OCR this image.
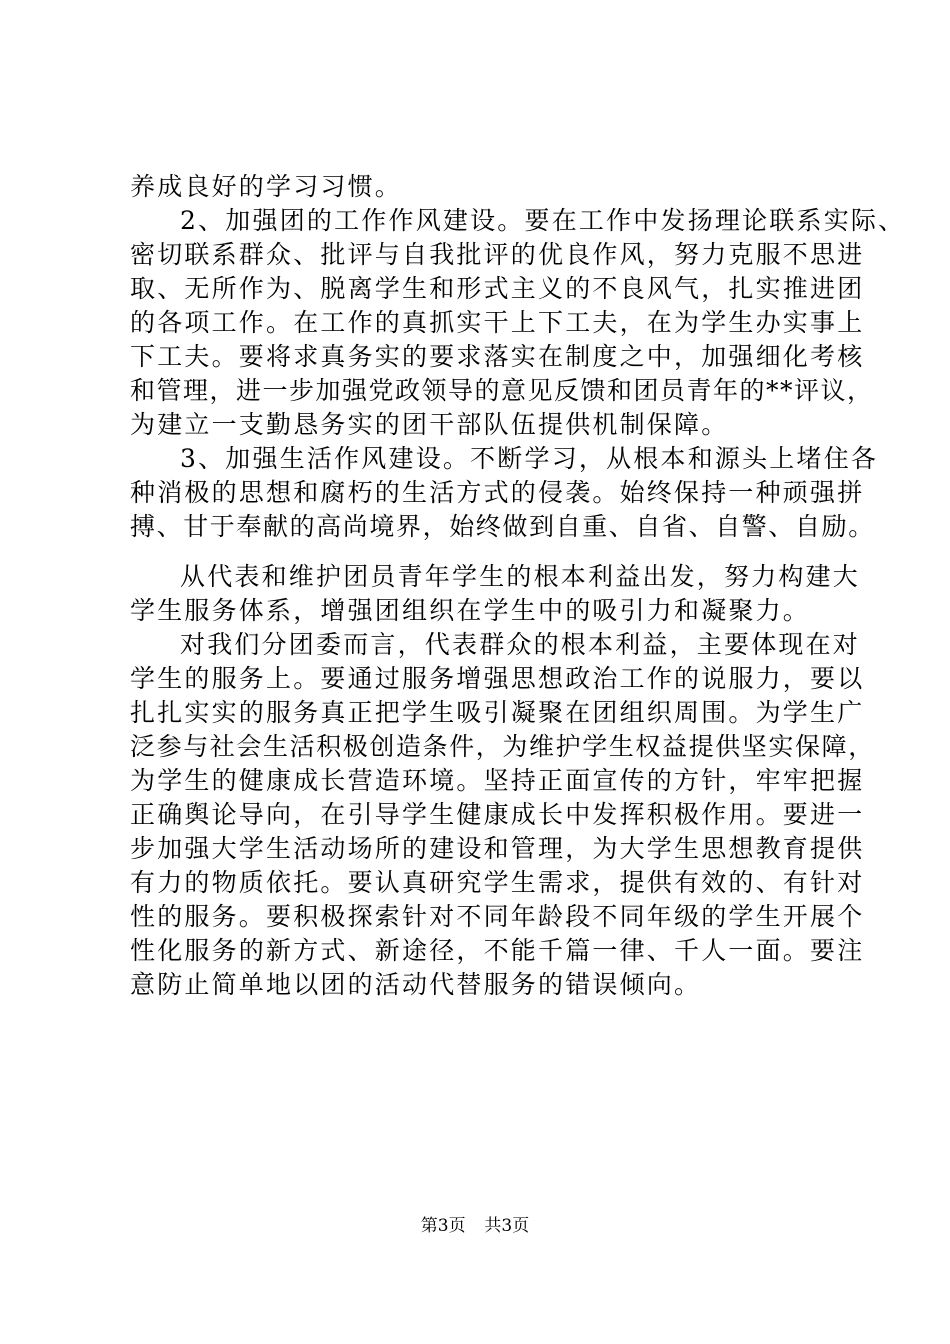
养成良好的学习习惯。
2、加强团的工作作风建设。要在工作中发扬理论联系实际、
密切联系群众、批评与自我批评的优良作风，努力克服不思进
取、无所作为、脱离学生和形式主义的不良风气，扎实推进团
的各项工作。在工作的真抓实干上下工夫，在为学生办实事上
下工夫。要将求真务实的要求落实在制度之中，加强细化考核
和管理，进一步加强党政领导的意见反馈和团员青年的**评议，
为建立一支勤恳务实的团干部队伍提供机制保障。
3、加强生活作风建设。不断学习，从根本和源头上堵住各
种消极的思想和腐朽的生活方式的侵袭。始终保持一种顽强拼
搏、甘于奉献的高尚境界，始终做到自重、自省、自警、自励。
从代表和维护团员青年学生的根本利益出发，努力构建大
学生服务体系，增强团组织在学生中的吸引力和凝聚力。
对我们分团委而言，代表群众的根本利益，主要体现在对
学生的服务上。要通过服务增强思想政治工作的说服力，要以
扎扎实实的服务真正把学生吸引凝聚在团组织周围。为学生广
泛参与社会生活积极创造条件，为维护学生权益提供坚实保障，
为学生的健康成长营造环境。坚持正面宣传的方针，牢牢把握
正确舆论导向，在引导学生健康成长中发挥积极作用。要进一
步加强大学生活动场所的建设和管理，为大学生思想教育提供
有力的物质依托。要认真研究学生需求，提供有效的、有针对
性的服务。要积极探索针对不同年龄段不同年级的学生开展个
性化服务的新方式、新途径，不能千篇一律、千人一面。要注
意防止简单地以团的活动代替服务的错误倾向。
第3页 共3页
